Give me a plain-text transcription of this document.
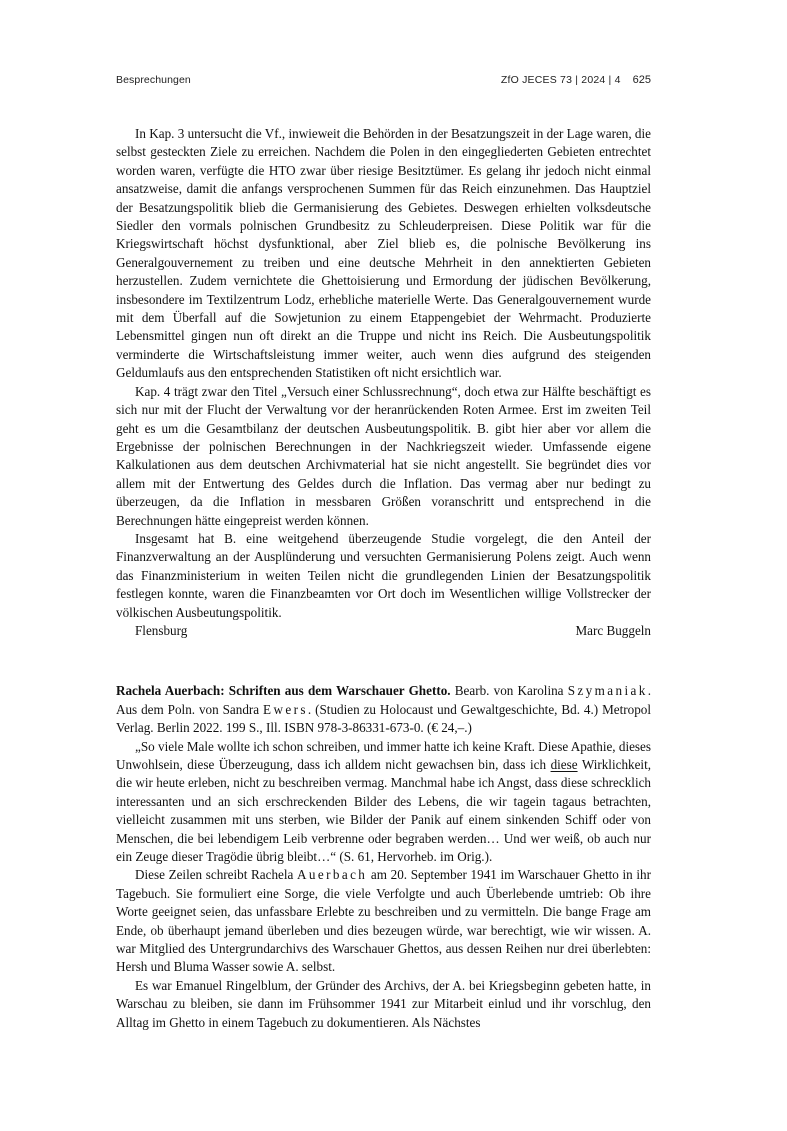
Besprechungen	ZfO JECES 73 | 2024 | 4 625

In Kap. 3 untersucht die Vf., inwieweit die Behörden in der Besatzungszeit in der Lage waren, die selbst gesteckten Ziele zu erreichen. Nachdem die Polen in den eingegliederten Gebieten entrechtet worden waren, verfügte die HTO zwar über riesige Besitztümer. Es gelang ihr jedoch nicht einmal ansatzweise, damit die anfangs versprochenen Summen für das Reich einzunehmen. Das Hauptziel der Besatzungspolitik blieb die Germanisierung des Gebietes. Deswegen erhielten volksdeutsche Siedler den vormals polnischen Grundbesitz zu Schleuderpreisen. Diese Politik war für die Kriegswirtschaft höchst dysfunktional, aber Ziel blieb es, die polnische Bevölkerung ins Generalgouvernement zu treiben und eine deutsche Mehrheit in den annektierten Gebieten herzustellen. Zudem vernichtete die Ghettoisierung und Ermordung der jüdischen Bevölkerung, insbesondere im Textilzentrum Lodz, erhebliche materielle Werte. Das Generalgouvernement wurde mit dem Überfall auf die Sowjetunion zu einem Etappengebiet der Wehrmacht. Produzierte Lebensmittel gingen nun oft direkt an die Truppe und nicht ins Reich. Die Ausbeutungspolitik verminderte die Wirtschaftsleistung immer weiter, auch wenn dies aufgrund des steigenden Geldumlaufs aus den entsprechenden Statistiken oft nicht ersichtlich war.

Kap. 4 trägt zwar den Titel „Versuch einer Schlussrechnung“, doch etwa zur Hälfte beschäftigt es sich nur mit der Flucht der Verwaltung vor der heranrückenden Roten Armee. Erst im zweiten Teil geht es um die Gesamtbilanz der deutschen Ausbeutungspolitik. B. gibt hier aber vor allem die Ergebnisse der polnischen Berechnungen in der Nachkriegszeit wieder. Umfassende eigene Kalkulationen aus dem deutschen Archivmaterial hat sie nicht angestellt. Sie begründet dies vor allem mit der Entwertung des Geldes durch die Inflation. Das vermag aber nur bedingt zu überzeugen, da die Inflation in messbaren Größen voranschritt und entsprechend in die Berechnungen hätte eingepreist werden können.

Insgesamt hat B. eine weitgehend überzeugende Studie vorgelegt, die den Anteil der Finanzverwaltung an der Ausplünderung und versuchten Germanisierung Polens zeigt. Auch wenn das Finanzministerium in weiten Teilen nicht die grundlegenden Linien der Besatzungspolitik festlegen konnte, waren die Finanzbeamten vor Ort doch im Wesentlichen willige Vollstrecker der völkischen Ausbeutungspolitik.

Flensburg	Marc Buggeln

Rachela Auerbach: Schriften aus dem Warschauer Ghetto. Bearb. von Karolina Szymaniak. Aus dem Poln. von Sandra Ewers. (Studien zu Holocaust und Gewaltgeschichte, Bd. 4.) Metropol Verlag. Berlin 2022. 199 S., Ill. ISBN 978-3-86331-673-0. (€ 24,–.)

„So viele Male wollte ich schon schreiben, und immer hatte ich keine Kraft. Diese Apathie, dieses Unwohlsein, diese Überzeugung, dass ich alldem nicht gewachsen bin, dass ich diese Wirklichkeit, die wir heute erleben, nicht zu beschreiben vermag. Manchmal habe ich Angst, dass diese schrecklich interessanten und an sich erschreckenden Bilder des Lebens, die wir tagein tagaus betrachten, vielleicht zusammen mit uns sterben, wie Bilder der Panik auf einem sinkenden Schiff oder von Menschen, die bei lebendigem Leib verbrenne oder begraben werden… Und wer weiß, ob auch nur ein Zeuge dieser Tragödie übrig bleibt…“ (S. 61, Hervorheb. im Orig.).

Diese Zeilen schreibt Rachela Auerbach am 20. September 1941 im Warschauer Ghetto in ihr Tagebuch. Sie formuliert eine Sorge, die viele Verfolgte und auch Überlebende umtrieb: Ob ihre Worte geeignet seien, das unfassbare Erlebte zu beschreiben und zu vermitteln. Die bange Frage am Ende, ob überhaupt jemand überleben und dies bezeugen würde, war berechtigt, wie wir wissen. A. war Mitglied des Untergrundarchivs des Warschauer Ghettos, aus dessen Reihen nur drei überlebten: Hersh und Bluma Wasser sowie A. selbst.

Es war Emanuel Ringelblum, der Gründer des Archivs, der A. bei Kriegsbeginn gebeten hatte, in Warschau zu bleiben, sie dann im Frühsommer 1941 zur Mitarbeit einlud und ihr vorschlug, den Alltag im Ghetto in einem Tagebuch zu dokumentieren. Als Nächstes
